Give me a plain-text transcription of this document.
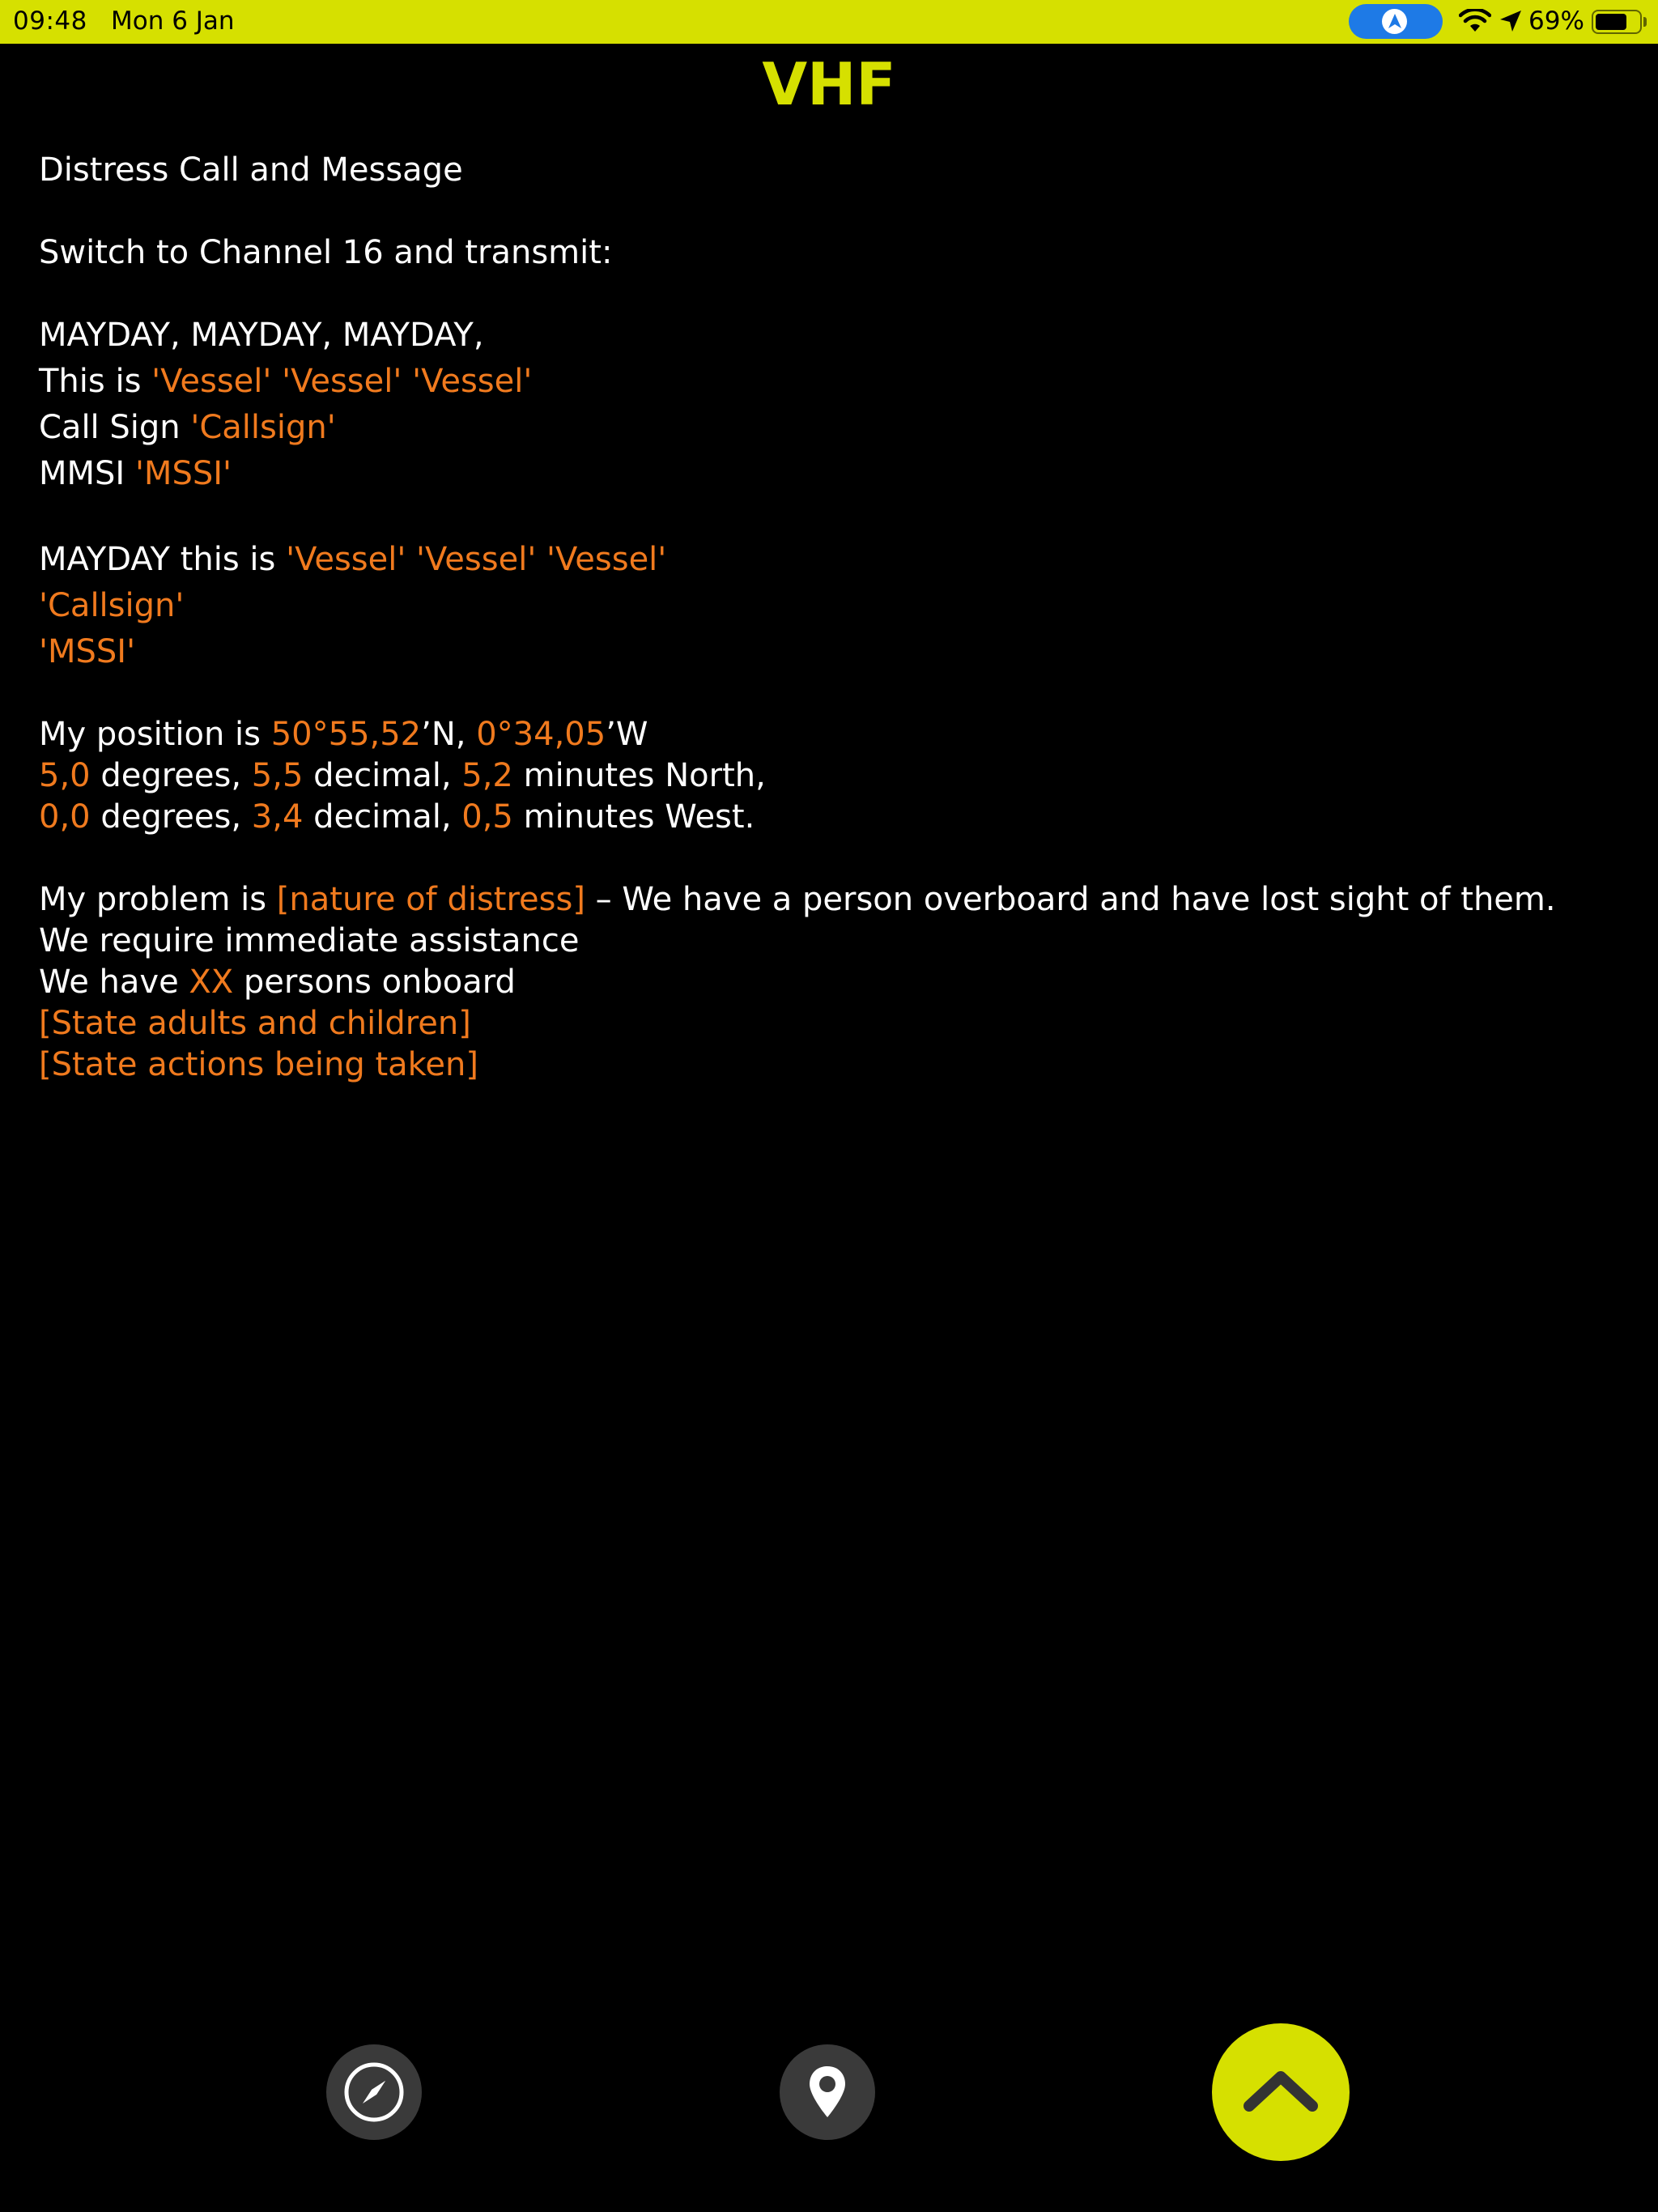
09:48 Mon 6 Jan	69%
VHF
Distress Call and Message
Switch to Channel 16 and transmit:
MAYDAY, MAYDAY, MAYDAY,
This is 'Vessel' 'Vessel' 'Vessel'
Call Sign 'Callsign'
MMSI 'MSSI'
MAYDAY this is 'Vessel' 'Vessel' 'Vessel'
'Callsign'
'MSSI'
My position is 50°55,52’N, 0°34,05’W
5,0 degrees, 5,5 decimal, 5,2 minutes North,
0,0 degrees, 3,4 decimal, 0,5 minutes West.
My problem is [nature of distress] – We have a person overboard and have lost sight of them.
We require immediate assistance
We have XX persons onboard
[State adults and children]
[State actions being taken]
